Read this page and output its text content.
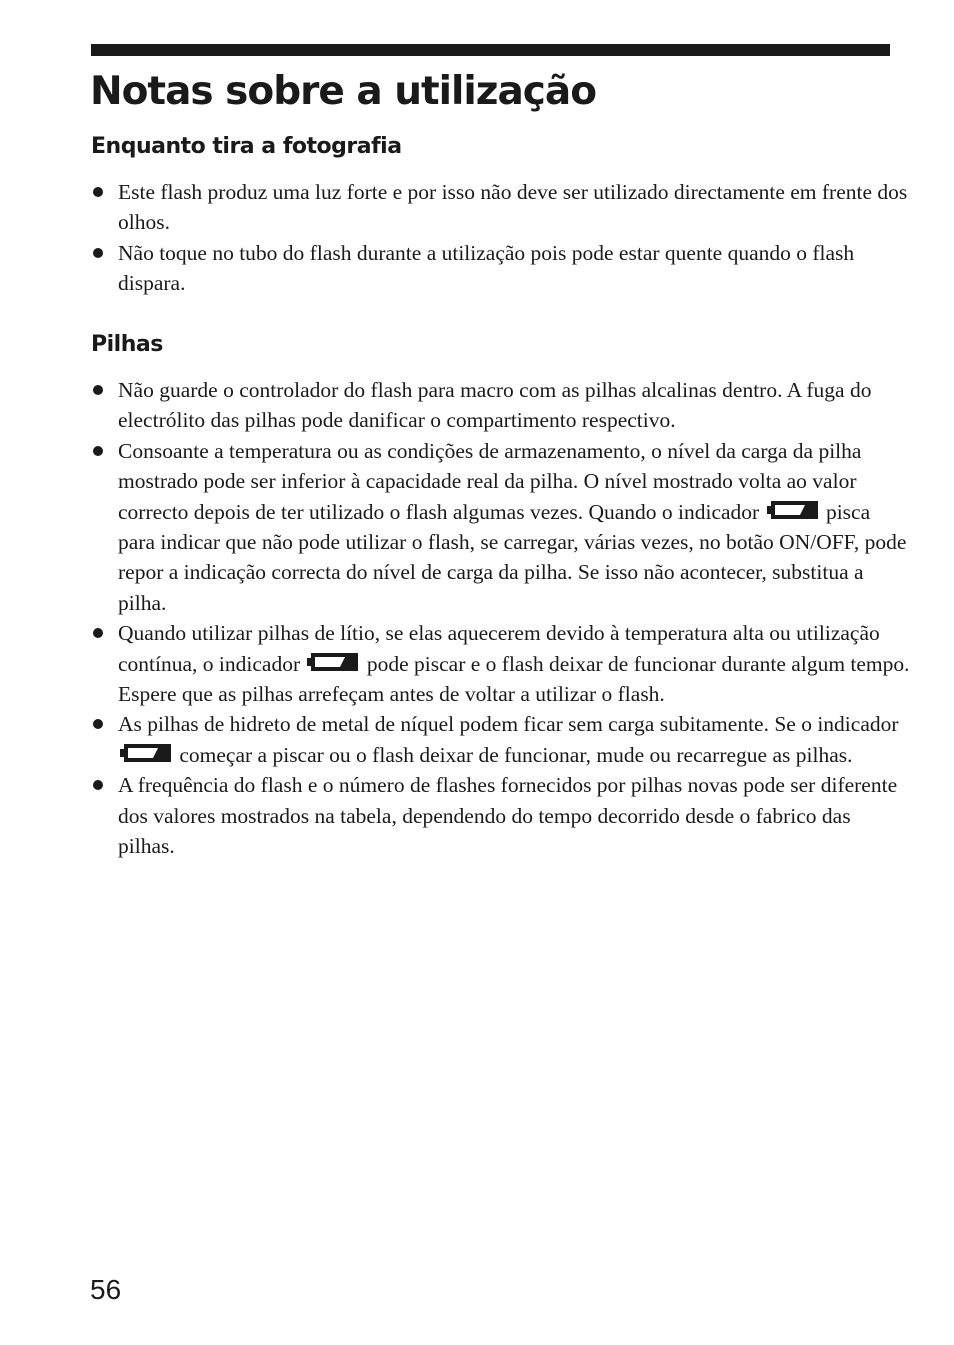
Notas sobre a utilização
Enquanto tira a fotografia
Este flash produz uma luz forte e por isso não deve ser utilizado directamente em frente dos olhos.
Não toque no tubo do flash durante a utilização pois pode estar quente quando o flash dispara.
Pilhas
Não guarde o controlador do flash para macro com as pilhas alcalinas dentro. A fuga do electrólito das pilhas pode danificar o compartimento respectivo.
Consoante a temperatura ou as condições de armazenamento, o nível da carga da pilha mostrado pode ser inferior à capacidade real da pilha. O nível mostrado volta ao valor correcto depois de ter utilizado o flash algumas vezes. Quando o indicador	pisca para indicar que não pode utilizar o flash, se carregar, várias vezes, no botão ON/OFF, pode repor a indicação correcta do nível de carga da pilha. Se isso não acontecer, substitua a pilha.
Quando utilizar pilhas de lítio, se elas aquecerem devido à temperatura alta ou utilização contínua, o indicador	pode piscar e o flash deixar de funcionar durante algum tempo. Espere que as pilhas arrefeçam antes de voltar a utilizar o flash.
As pilhas de hidreto de metal de níquel podem ficar sem carga subitamente. Se o indicador  começar a piscar ou o flash deixar de funcionar, mude ou recarregue as pilhas.
A frequência do flash e o número de flashes fornecidos por pilhas novas pode ser diferente dos valores mostrados na tabela, dependendo do tempo decorrido desde o fabrico das pilhas.
56
